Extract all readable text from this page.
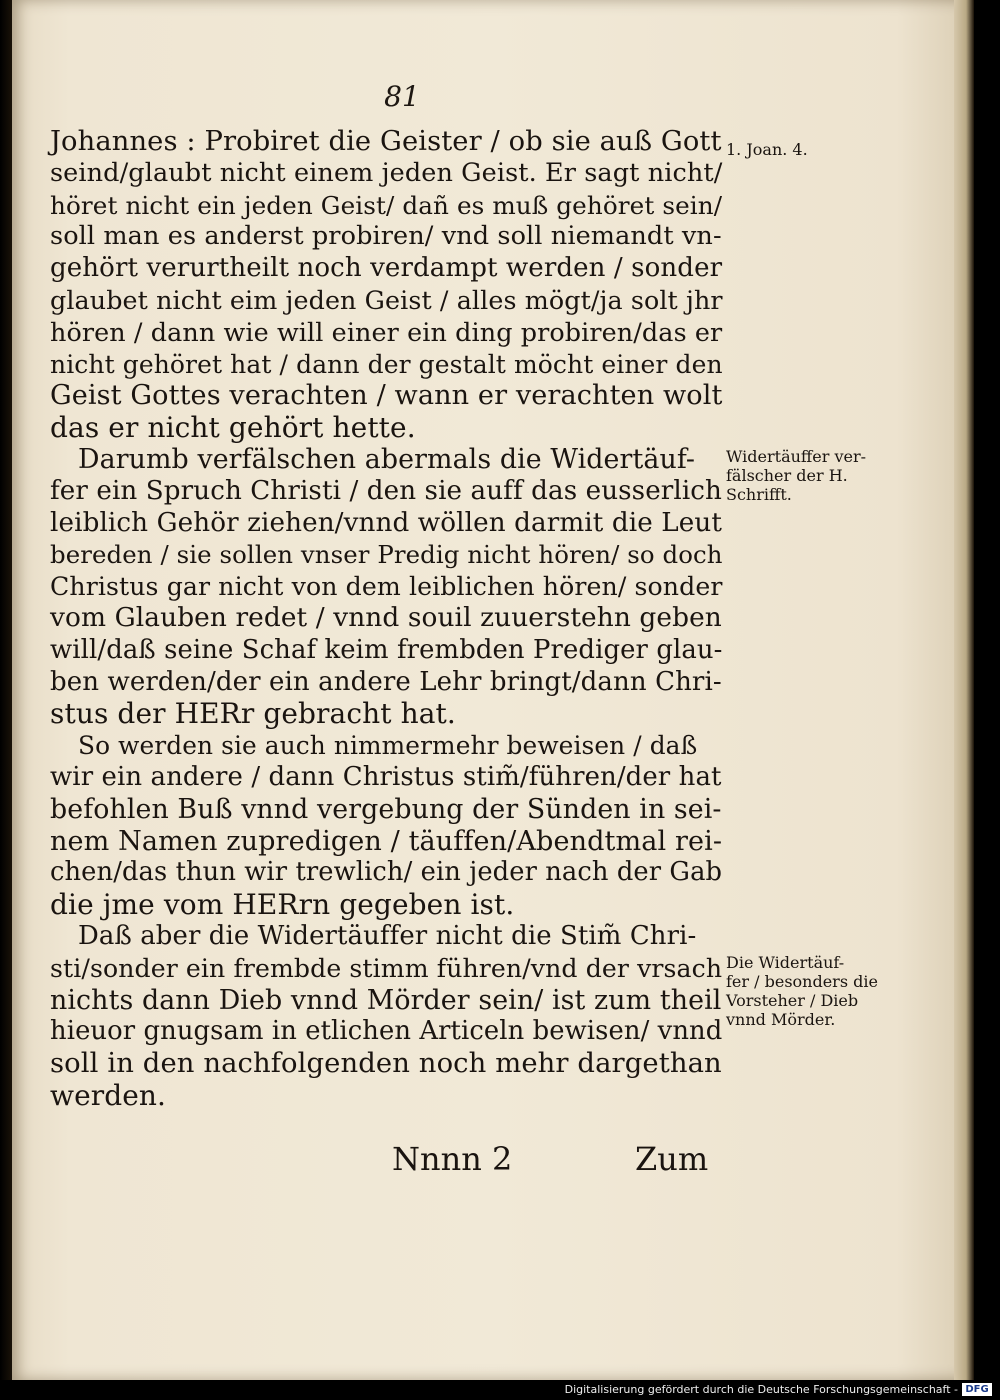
81
Johannes : Probiret die Geister / ob sie auß Gott
seind/glaubt nicht einem jeden Geist. Er sagt nicht/
höret nicht ein jeden Geist/ dañ es muß gehöret sein/
soll man es anderst probiren/ vnd soll niemandt vn-
gehört verurtheilt noch verdampt werden / sonder
glaubet nicht eim jeden Geist / alles mögt/ja solt jhr
hören / dann wie will einer ein ding probiren/das er
nicht gehöret hat / dann der gestalt möcht einer den
Geist Gottes verachten / wann er verachten wolt
das er nicht gehört hette.
Darumb verfälschen abermals die Widertäuf-
fer ein Spruch Christi / den sie auff das eusserlich
leiblich Gehör ziehen/vnnd wöllen darmit die Leut
bereden / sie sollen vnser Predig nicht hören/ so doch
Christus gar nicht von dem leiblichen hören/ sonder
vom Glauben redet / vnnd souil zuuerstehn geben
will/daß seine Schaf keim frembden Prediger glau-
ben werden/der ein andere Lehr bringt/dann Chri-
stus der HERr gebracht hat.
So werden sie auch nimmermehr beweisen / daß
wir ein andere / dann Christus stim̃/führen/der hat
befohlen Buß vnnd vergebung der Sünden in sei-
nem Namen zupredigen / täuffen/Abendtmal rei-
chen/das thun wir trewlich/ ein jeder nach der Gab
die jme vom HERrn gegeben ist.
Daß aber die Widertäuffer nicht die Stim̃ Chri-
sti/sonder ein frembde stimm führen/vnd der vrsach
nichts dann Dieb vnnd Mörder sein/ ist zum theil
hieuor gnugsam in etlichen Articeln bewisen/ vnnd
soll in den nachfolgenden noch mehr dargethan
werden.
1. Joan. 4.
Widertäuffer ver-
fälscher der H.
Schrifft.
Die Widertäuf-
fer / besonders die
Vorsteher / Dieb
vnnd Mörder.
Nnnn 2	Zum
Digitalisierung gefördert durch die Deutsche Forschungsgemeinschaft - DFG
